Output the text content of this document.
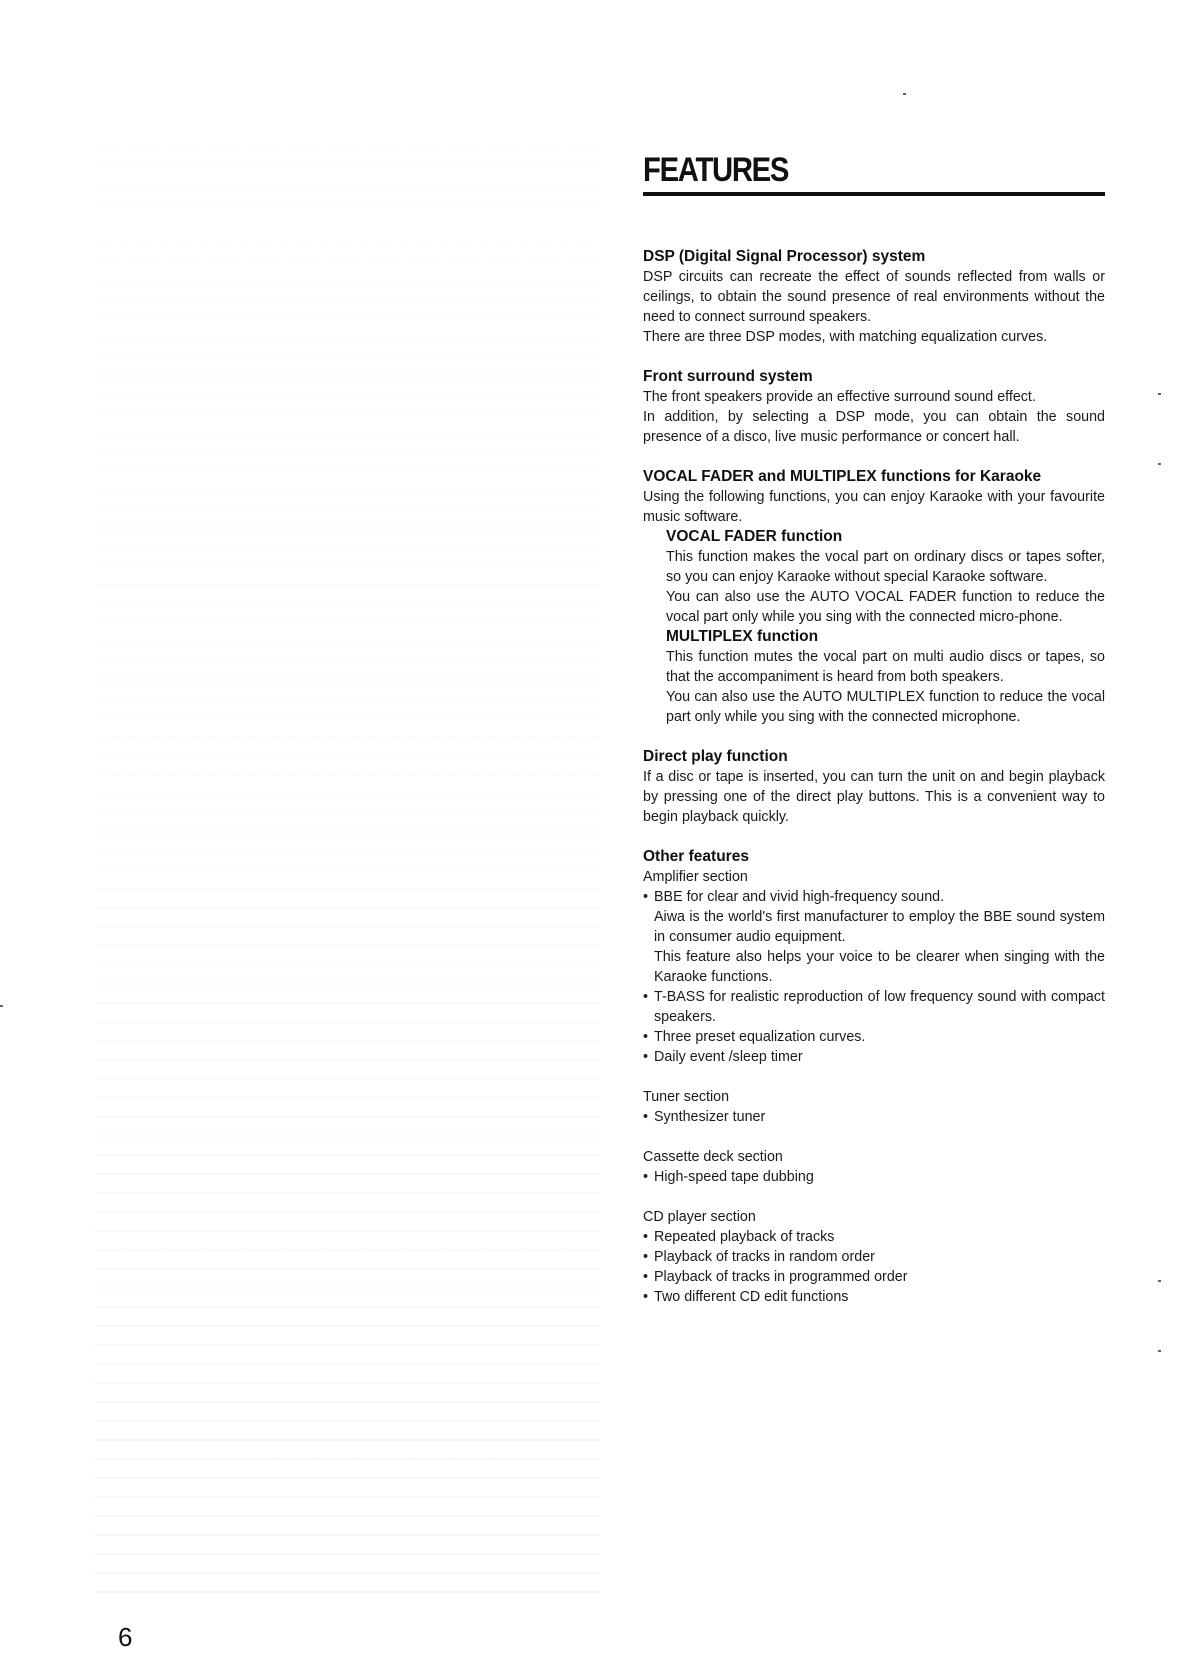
FEATURES
DSP (Digital Signal Processor) system

DSP circuits can recreate the effect of sounds reflected from walls or ceilings, to obtain the sound presence of real environments without the need to connect surround speakers.

There are three DSP modes, with matching equalization curves.

Front surround system

The front speakers provide an effective surround sound effect.

In addition, by selecting a DSP mode, you can obtain the sound presence of a disco, live music performance or concert hall.

VOCAL FADER and MULTIPLEX functions for Karaoke

Using the following functions, you can enjoy Karaoke with your favourite music software.

VOCAL FADER function

This function makes the vocal part on ordinary discs or tapes softer, so you can enjoy Karaoke without special Karaoke software.

You can also use the AUTO VOCAL FADER function to reduce the vocal part only while you sing with the connected micro-phone.

MULTIPLEX function

This function mutes the vocal part on multi audio discs or tapes, so that the accompaniment is heard from both speakers.

You can also use the AUTO MULTIPLEX function to reduce the vocal part only while you sing with the connected microphone.

Direct play function

If a disc or tape is inserted, you can turn the unit on and begin playback by pressing one of the direct play buttons. This is a convenient way to begin playback quickly.

Other features

Amplifier section

• BBE for clear and vivid high-frequency sound.

Aiwa is the world's first manufacturer to employ the BBE sound system in consumer audio equipment.

This feature also helps your voice to be clearer when singing with the Karaoke functions.

• T-BASS for realistic reproduction of low frequency sound with compact speakers.

• Three preset equalization curves.

• Daily event /sleep timer

Tuner section

• Synthesizer tuner

Cassette deck section

• High-speed tape dubbing

CD player section

• Repeated playback of tracks

• Playback of tracks in random order

• Playback of tracks in programmed order

• Two different CD edit functions

6
